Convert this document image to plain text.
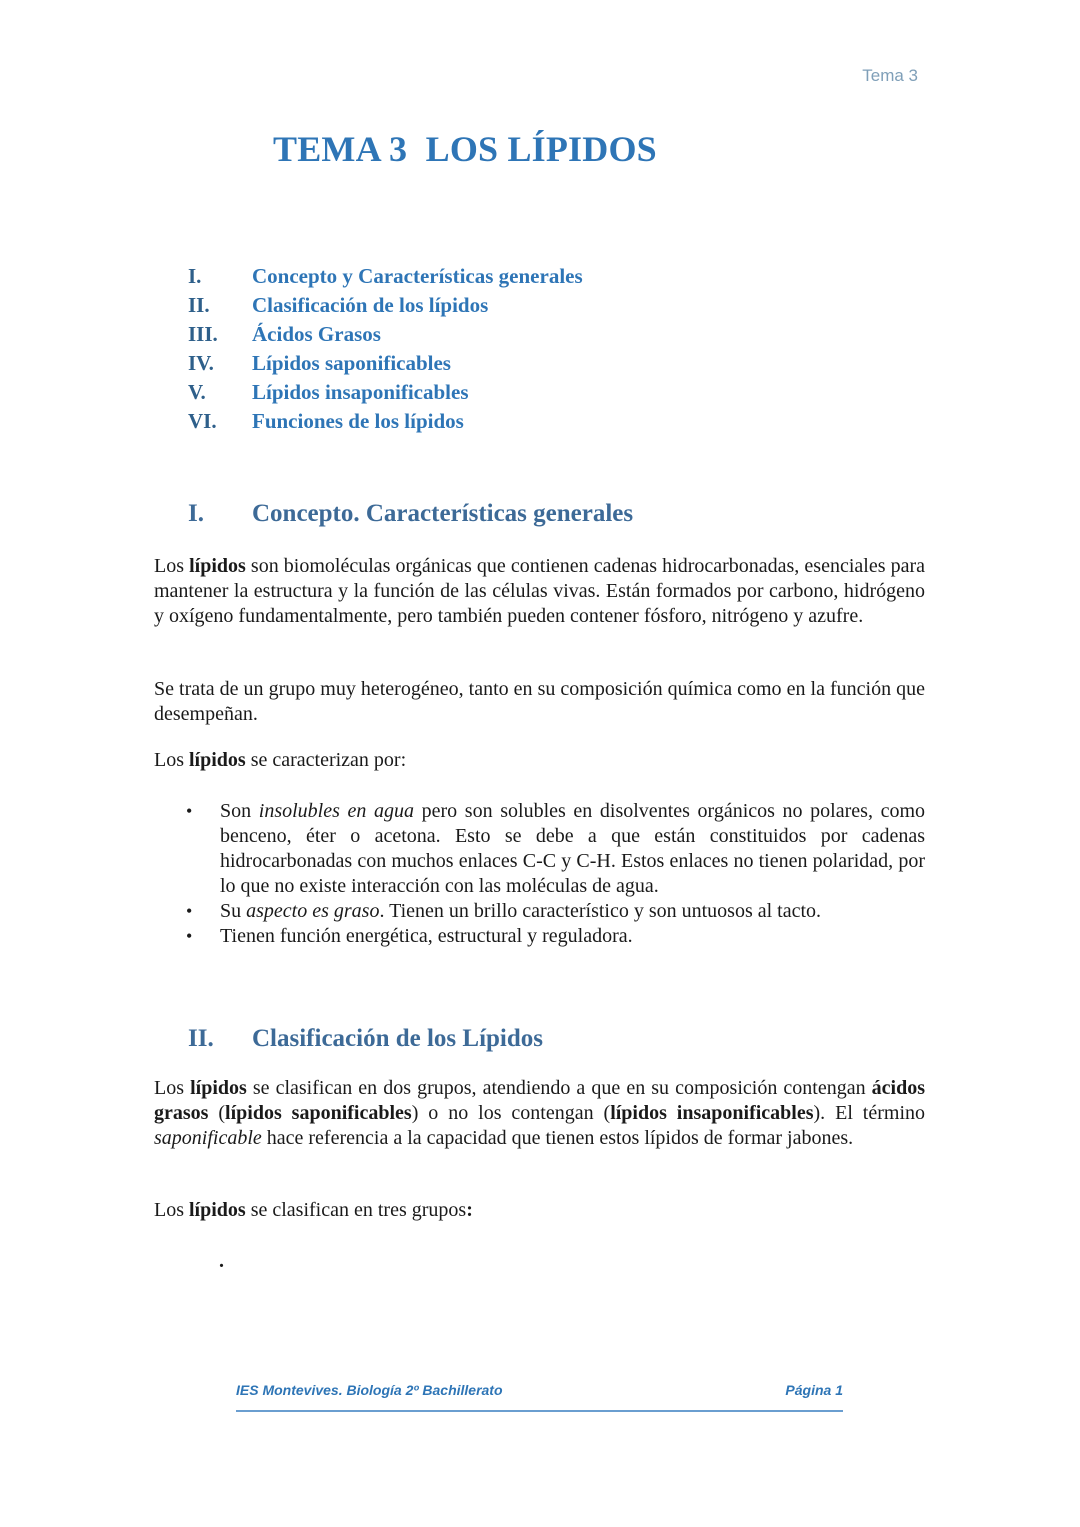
Tema 3
TEMA 3  LOS LÍPIDOS
I.	Concepto y Características generales
II.	Clasificación de los lípidos
III.	Ácidos Grasos
IV.	Lípidos saponificables
V.	Lípidos insaponificables
VI.	Funciones de los lípidos
I.	Concepto. Características generales

Los lípidos son biomoléculas orgánicas que contienen cadenas hidrocarbonadas, esenciales para mantener la estructura y la función de las células vivas. Están formados por carbono, hidrógeno y oxígeno fundamentalmente, pero también pueden contener fósforo, nitrógeno y azufre.

Se trata de un grupo muy heterogéneo, tanto en su composición química como en la función que desempeñan.

Los lípidos se caracterizan por:

• Son insolubles en agua pero son solubles en disolventes orgánicos no polares, como benceno, éter o acetona. Esto se debe a que están constituidos por cadenas hidrocarbonadas con muchos enlaces C-C y C-H. Estos enlaces no tienen polaridad, por lo que no existe interacción con las moléculas de agua.
• Su aspecto es graso. Tienen un brillo característico y son untuosos al tacto.
• Tienen función energética, estructural y reguladora.
II.	Clasificación de los Lípidos

Los lípidos se clasifican en dos grupos, atendiendo a que en su composición contengan ácidos grasos (lípidos saponificables) o no los contengan (lípidos insaponificables). El término saponificable hace referencia a la capacidad que tienen estos lípidos de formar jabones.

Los lípidos se clasifican en tres grupos:

.
IES Montevives. Biología 2º Bachillerato	Página 1
